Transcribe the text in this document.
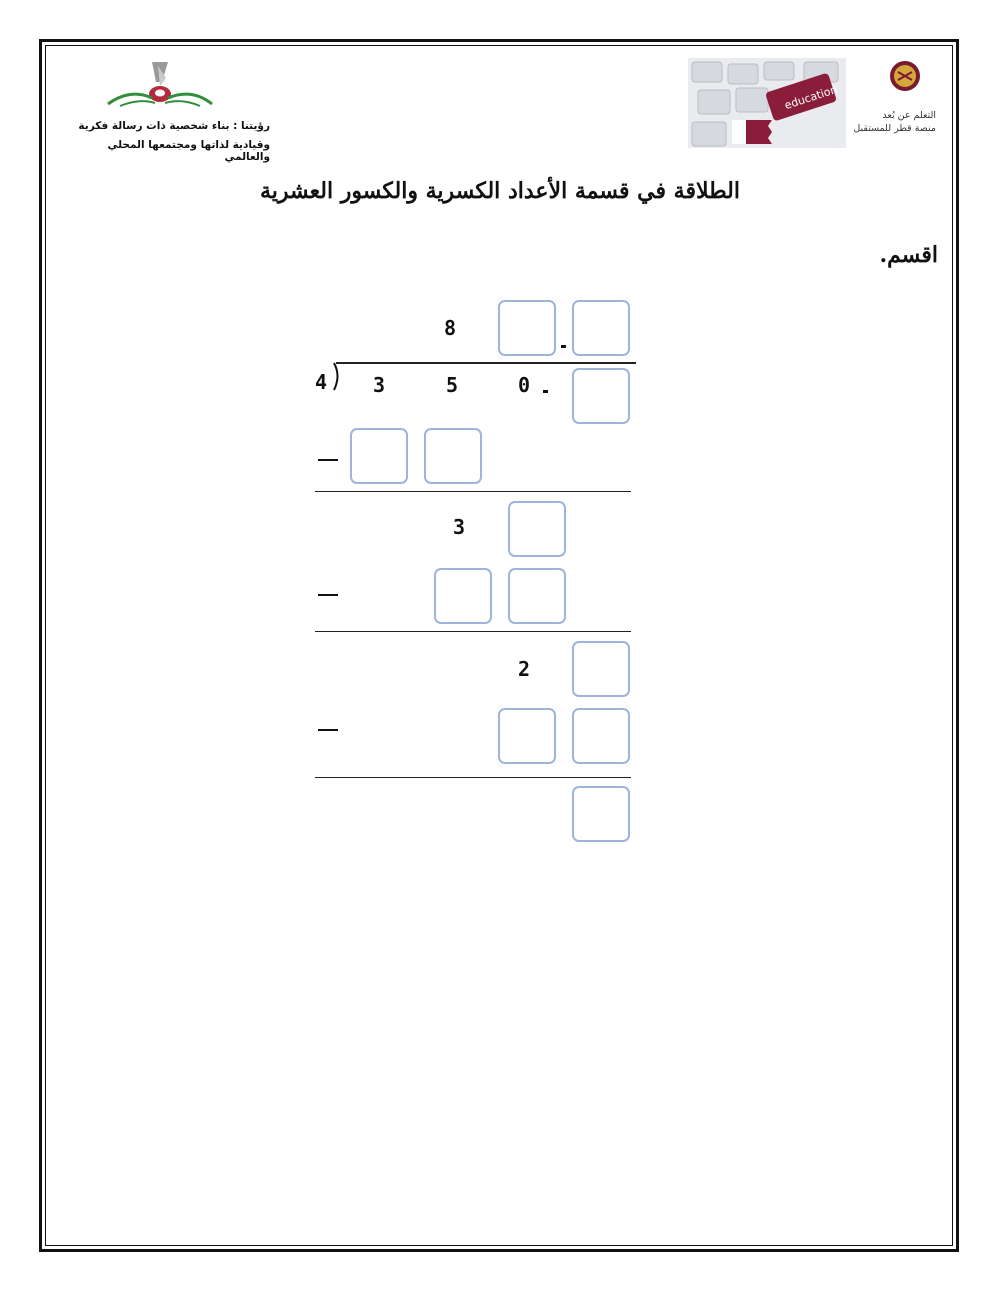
رؤيتنا : بناء شخصية ذات رسالة فكرية
وقيادية لذاتها ومجتمعها المحلي والعالمي
education
التعلم عن بُعد
منصة قطر للمستقبل
الطلاقة في قسمة الأعداد الكسرية والكسور العشرية
اقسم.
8
4 3	5	0
3
2
